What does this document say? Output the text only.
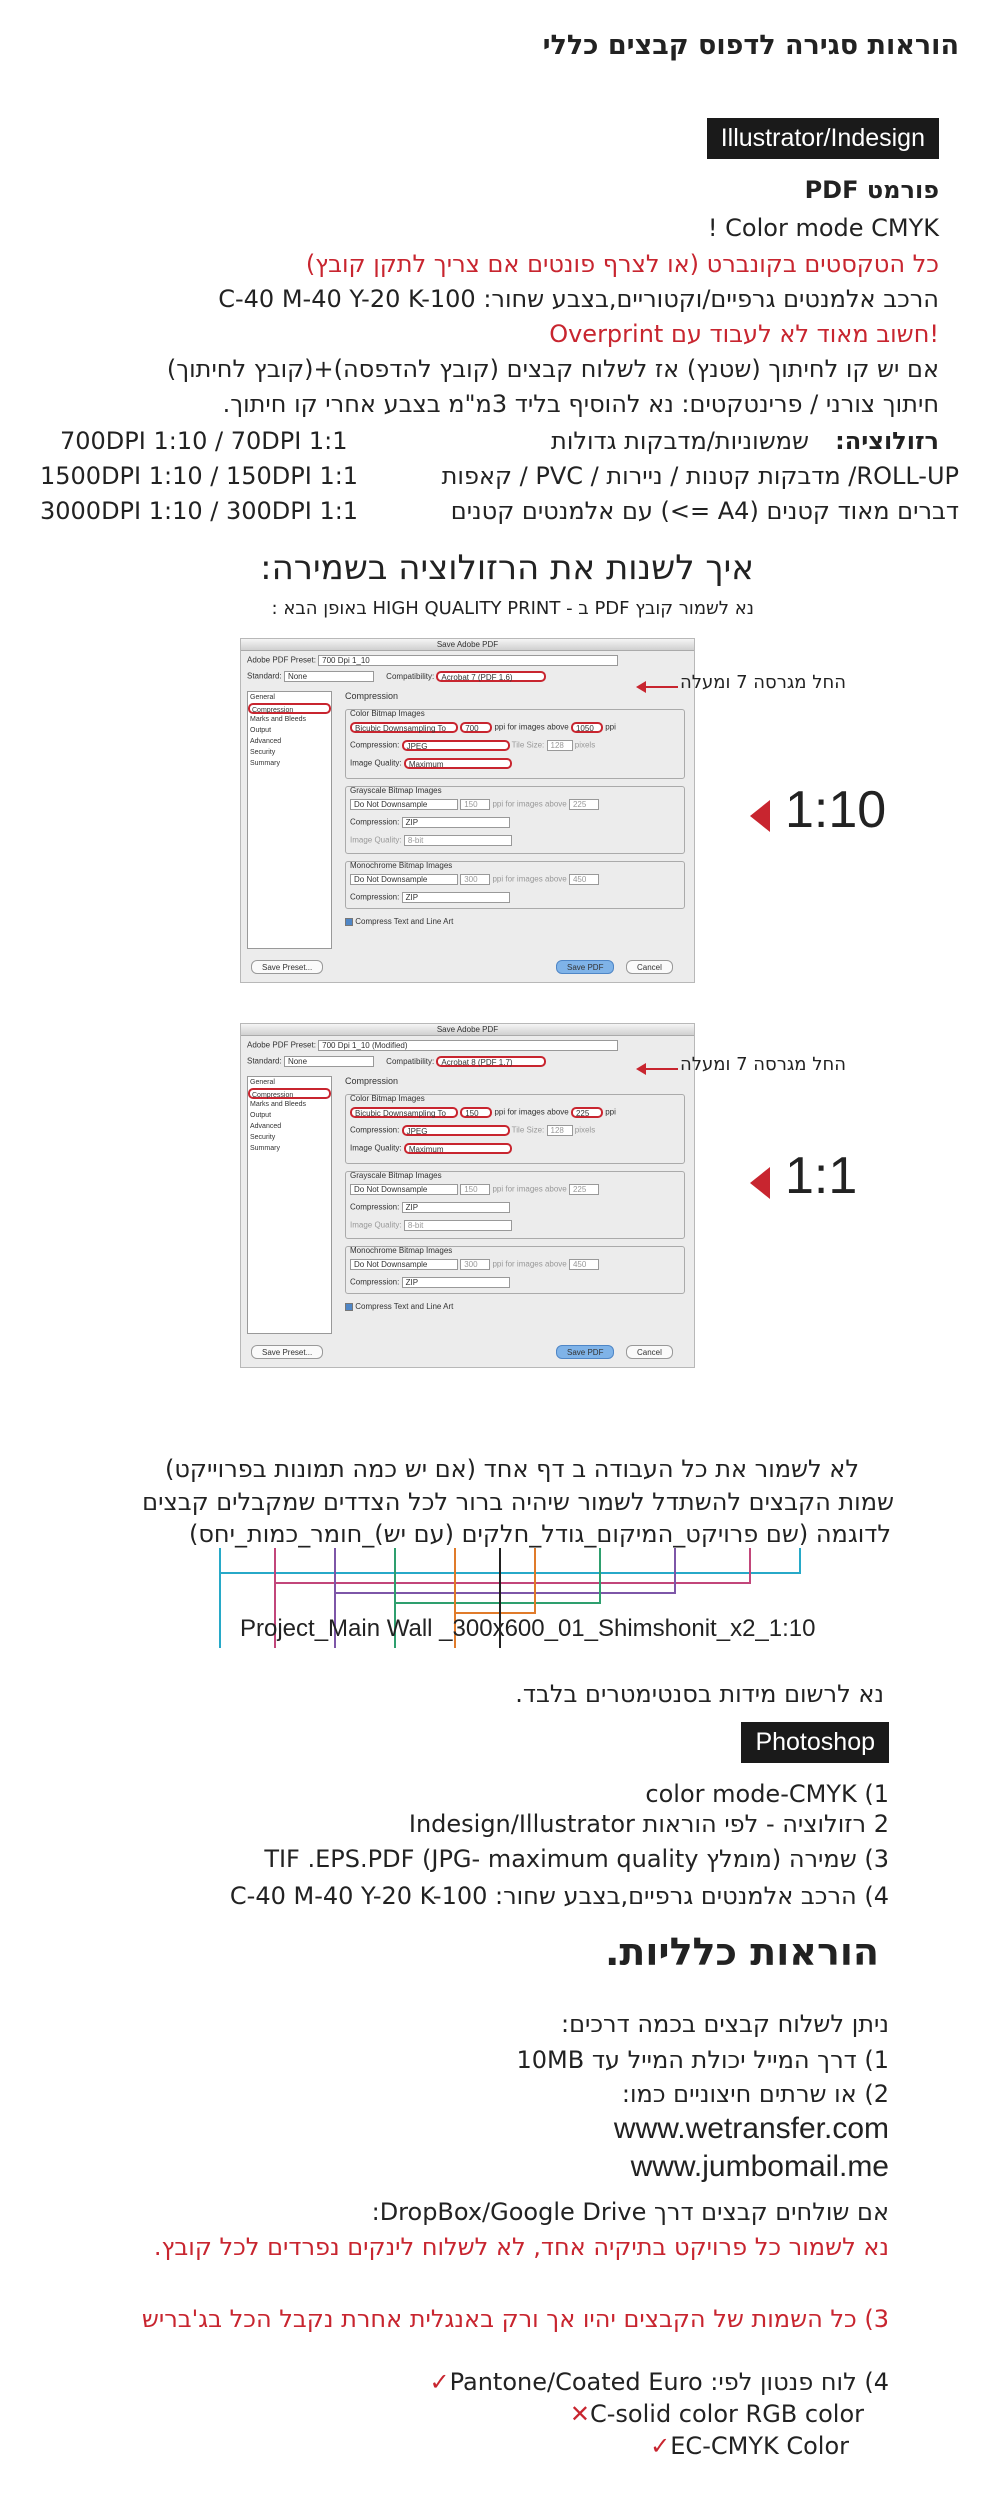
הוראות סגירה לדפוס קבצים כללי
Illustrator/Indesign
פורמט PDF
Color mode CMYK !
כל הטקסטים בקונברט (או לצרף פונטים אם צריך לתקן קובץ)
הרכב אלמנטים גרפיים/וקטוריים,בצבע שחור: C-40 M-40 Y-20 K-100
!חשוב מאוד לא לעבוד עם Overprint
אם יש קו לחיתוך (שטנץ) אז לשלוח קבצים (קובץ להדפסה)+(קובץ לחיתוך)
חיתוך צורני / פרינטקטים: נא להוסיף בליד 3מ"מ בצבע אחרי קו חיתוך.
רזולוציה:
שמשוניות/מדבקות גדולות
700DPI 1:10 / 70DPI 1:1
ROLL-UP/ מדבקות קטנות / ניירות / PVC / קאפות
1500DPI 1:10 / 150DPI 1:1
דברים מאוד קטנים (A4 =>) עם אלמנטים קטנים
3000DPI 1:10 / 300DPI 1:1
איך לשנות את הרזולוציה בשמירה:
נא לשמור קובץ PDF ב - HIGH QUALITY PRINT באופן הבא :
Save Adobe PDF
Adobe PDF Preset: 700 Dpi 1_10
Standard: None	Compatibility: Acrobat 7 (PDF 1.6)
General
Compression
Marks and Bleeds
Output
Advanced
Security
Summary
Compression
Color Bitmap Images
Bicubic Downsampling To 700 ppi for images above 1050 ppi
Compression: JPEG	Tile Size: 128 pixels
Image Quality: Maximum
Grayscale Bitmap Images
Do Not Downsample	150 ppi for images above 225
Compression: ZIP
Image Quality: 8-bit
Monochrome Bitmap Images
Do Not Downsample	300 ppi for images above 450
Compression: ZIP
Compress Text and Line Art
Save Preset...	Save PDF	Cancel
החל מגרסה 7 ומעלה
1:10
Save Adobe PDF
Adobe PDF Preset: 700 Dpi 1_10 (Modified)
Standard: None	Compatibility: Acrobat 8 (PDF 1.7)
General
Compression
Marks and Bleeds
Output
Advanced
Security
Summary
Compression
Color Bitmap Images
Bicubic Downsampling To 150 ppi for images above 225 ppi
Compression: JPEG	Tile Size: 128 pixels
Image Quality: Maximum
Grayscale Bitmap Images
Do Not Downsample	150 ppi for images above 225
Compression: ZIP
Image Quality: 8-bit
Monochrome Bitmap Images
Do Not Downsample	300 ppi for images above 450
Compression: ZIP
Compress Text and Line Art
Save Preset...	Save PDF	Cancel
החל מגרסה 7 ומעלה
1:1
לא לשמור את כל העבודה ב דף אחד (אם יש כמה תמונות בפרוייקט)
שמות הקבצים להשתדל לשמור שיהיה ברור לכל הצדדים שמקבלים קבצים
לדוגמה (שם פרויקט_המיקום_גודל_חלקים (עם יש)_חומר_כמות_יחס)
Project_Main Wall _300x600_01_Shimshonit_x2_1:10
נא לרשום מידות בסנטימטרים בלבד.
Photoshop
1) color mode-CMYK
2 רזולוציה - לפי הוראות Indesign/Illustrator
3) שמירה (מומלץ JPG- maximum quality) TIF .EPS.PDF
4) הרכב אלמנטים גרפיים,בצבע שחור: C-40 M-40 Y-20 K-100
הוראות כלליות.
ניתן לשלוח קבצים בכמה דרכים:
1) דרך המייל יכולת המייל עד 10MB
2) או שרתים חיצוניים כמו:
www.wetransfer.com
www.jumbomail.me
אם שולחים קבצים דרך DropBox/Google Drive:
נא לשמור כל פרויקט בתיקיה אחד, לא לשלוח לינקים נפרדים לכל קובץ.
3) כל השמות של הקבצים יהיו אך ורק באנגלית אחרת נקבל הכל בג'בריש
4) לוח פנטון לפי: Pantone/Coated Euro✓
C-solid color RGB color✕
EC-CMYK Color✓
